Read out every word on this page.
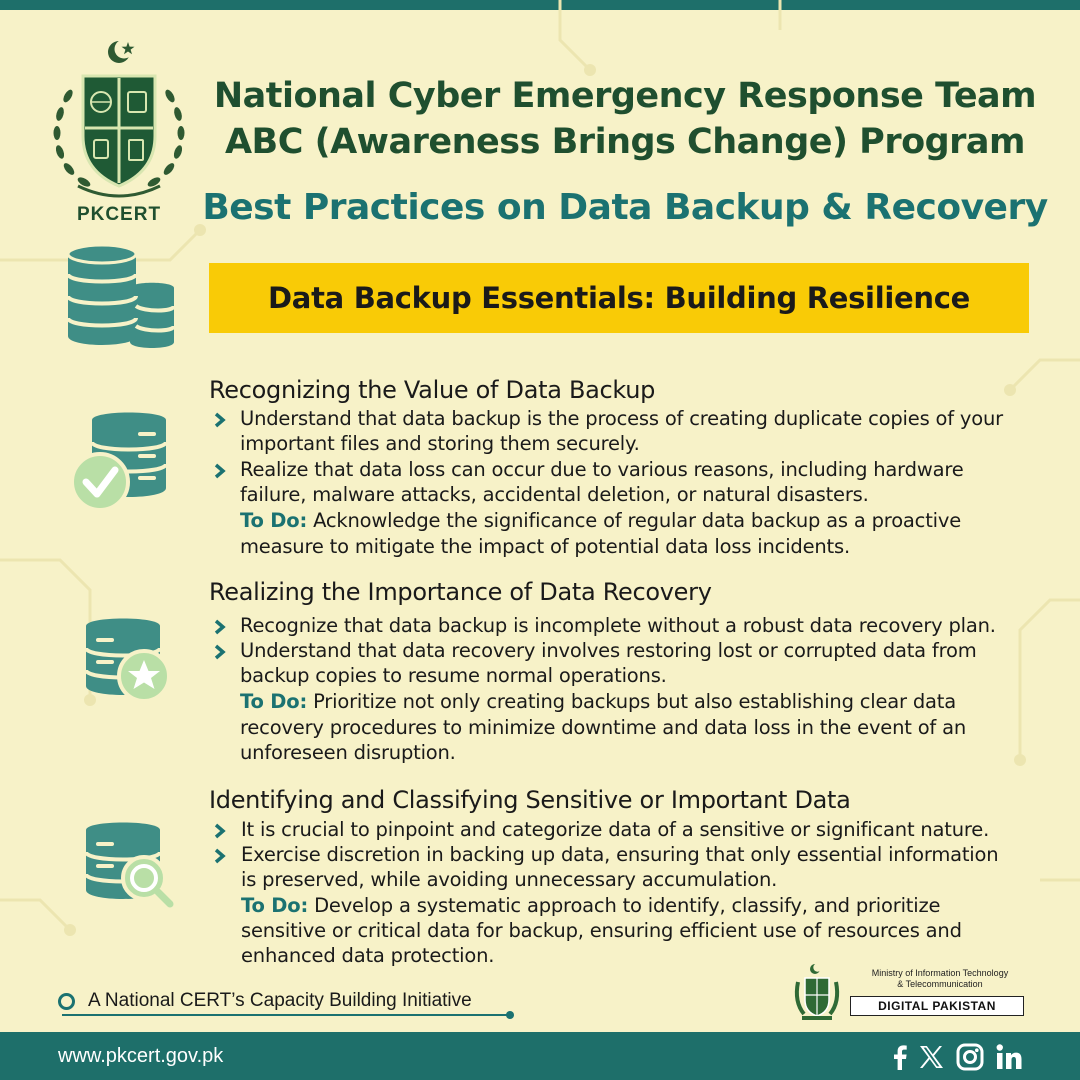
PKCERT
National Cyber Emergency Response Team
ABC (Awareness Brings Change) Program
Best Practices on Data Backup & Recovery
Data Backup Essentials: Building Resilience
Recognizing the Value of Data Backup
Understand that data backup is the process of creating duplicate copies of your
important files and storing them securely.
Realize that data loss can occur due to various reasons, including hardware
failure, malware attacks, accidental deletion, or natural disasters.
To Do: Acknowledge the significance of regular data backup as a proactive
measure to mitigate the impact of potential data loss incidents.
Realizing the Importance of Data Recovery
Recognize that data backup is incomplete without a robust data recovery plan.
Understand that data recovery involves restoring lost or corrupted data from
backup copies to resume normal operations.
To Do: Prioritize not only creating backups but also establishing clear data
recovery procedures to minimize downtime and data loss in the event of an
unforeseen disruption.
Identifying and Classifying Sensitive or Important Data
It is crucial to pinpoint and categorize data of a sensitive or significant nature.
Exercise discretion in backing up data, ensuring that only essential information
is preserved, while avoiding unnecessary accumulation.
To Do: Develop a systematic approach to identify, classify, and prioritize
sensitive or critical data for backup, ensuring efficient use of resources and
enhanced data protection.
A National CERT’s Capacity Building Initiative
Ministry of Information Technology
& Telecommunication
DIGITAL PAKISTAN
www.pkcert.gov.pk
